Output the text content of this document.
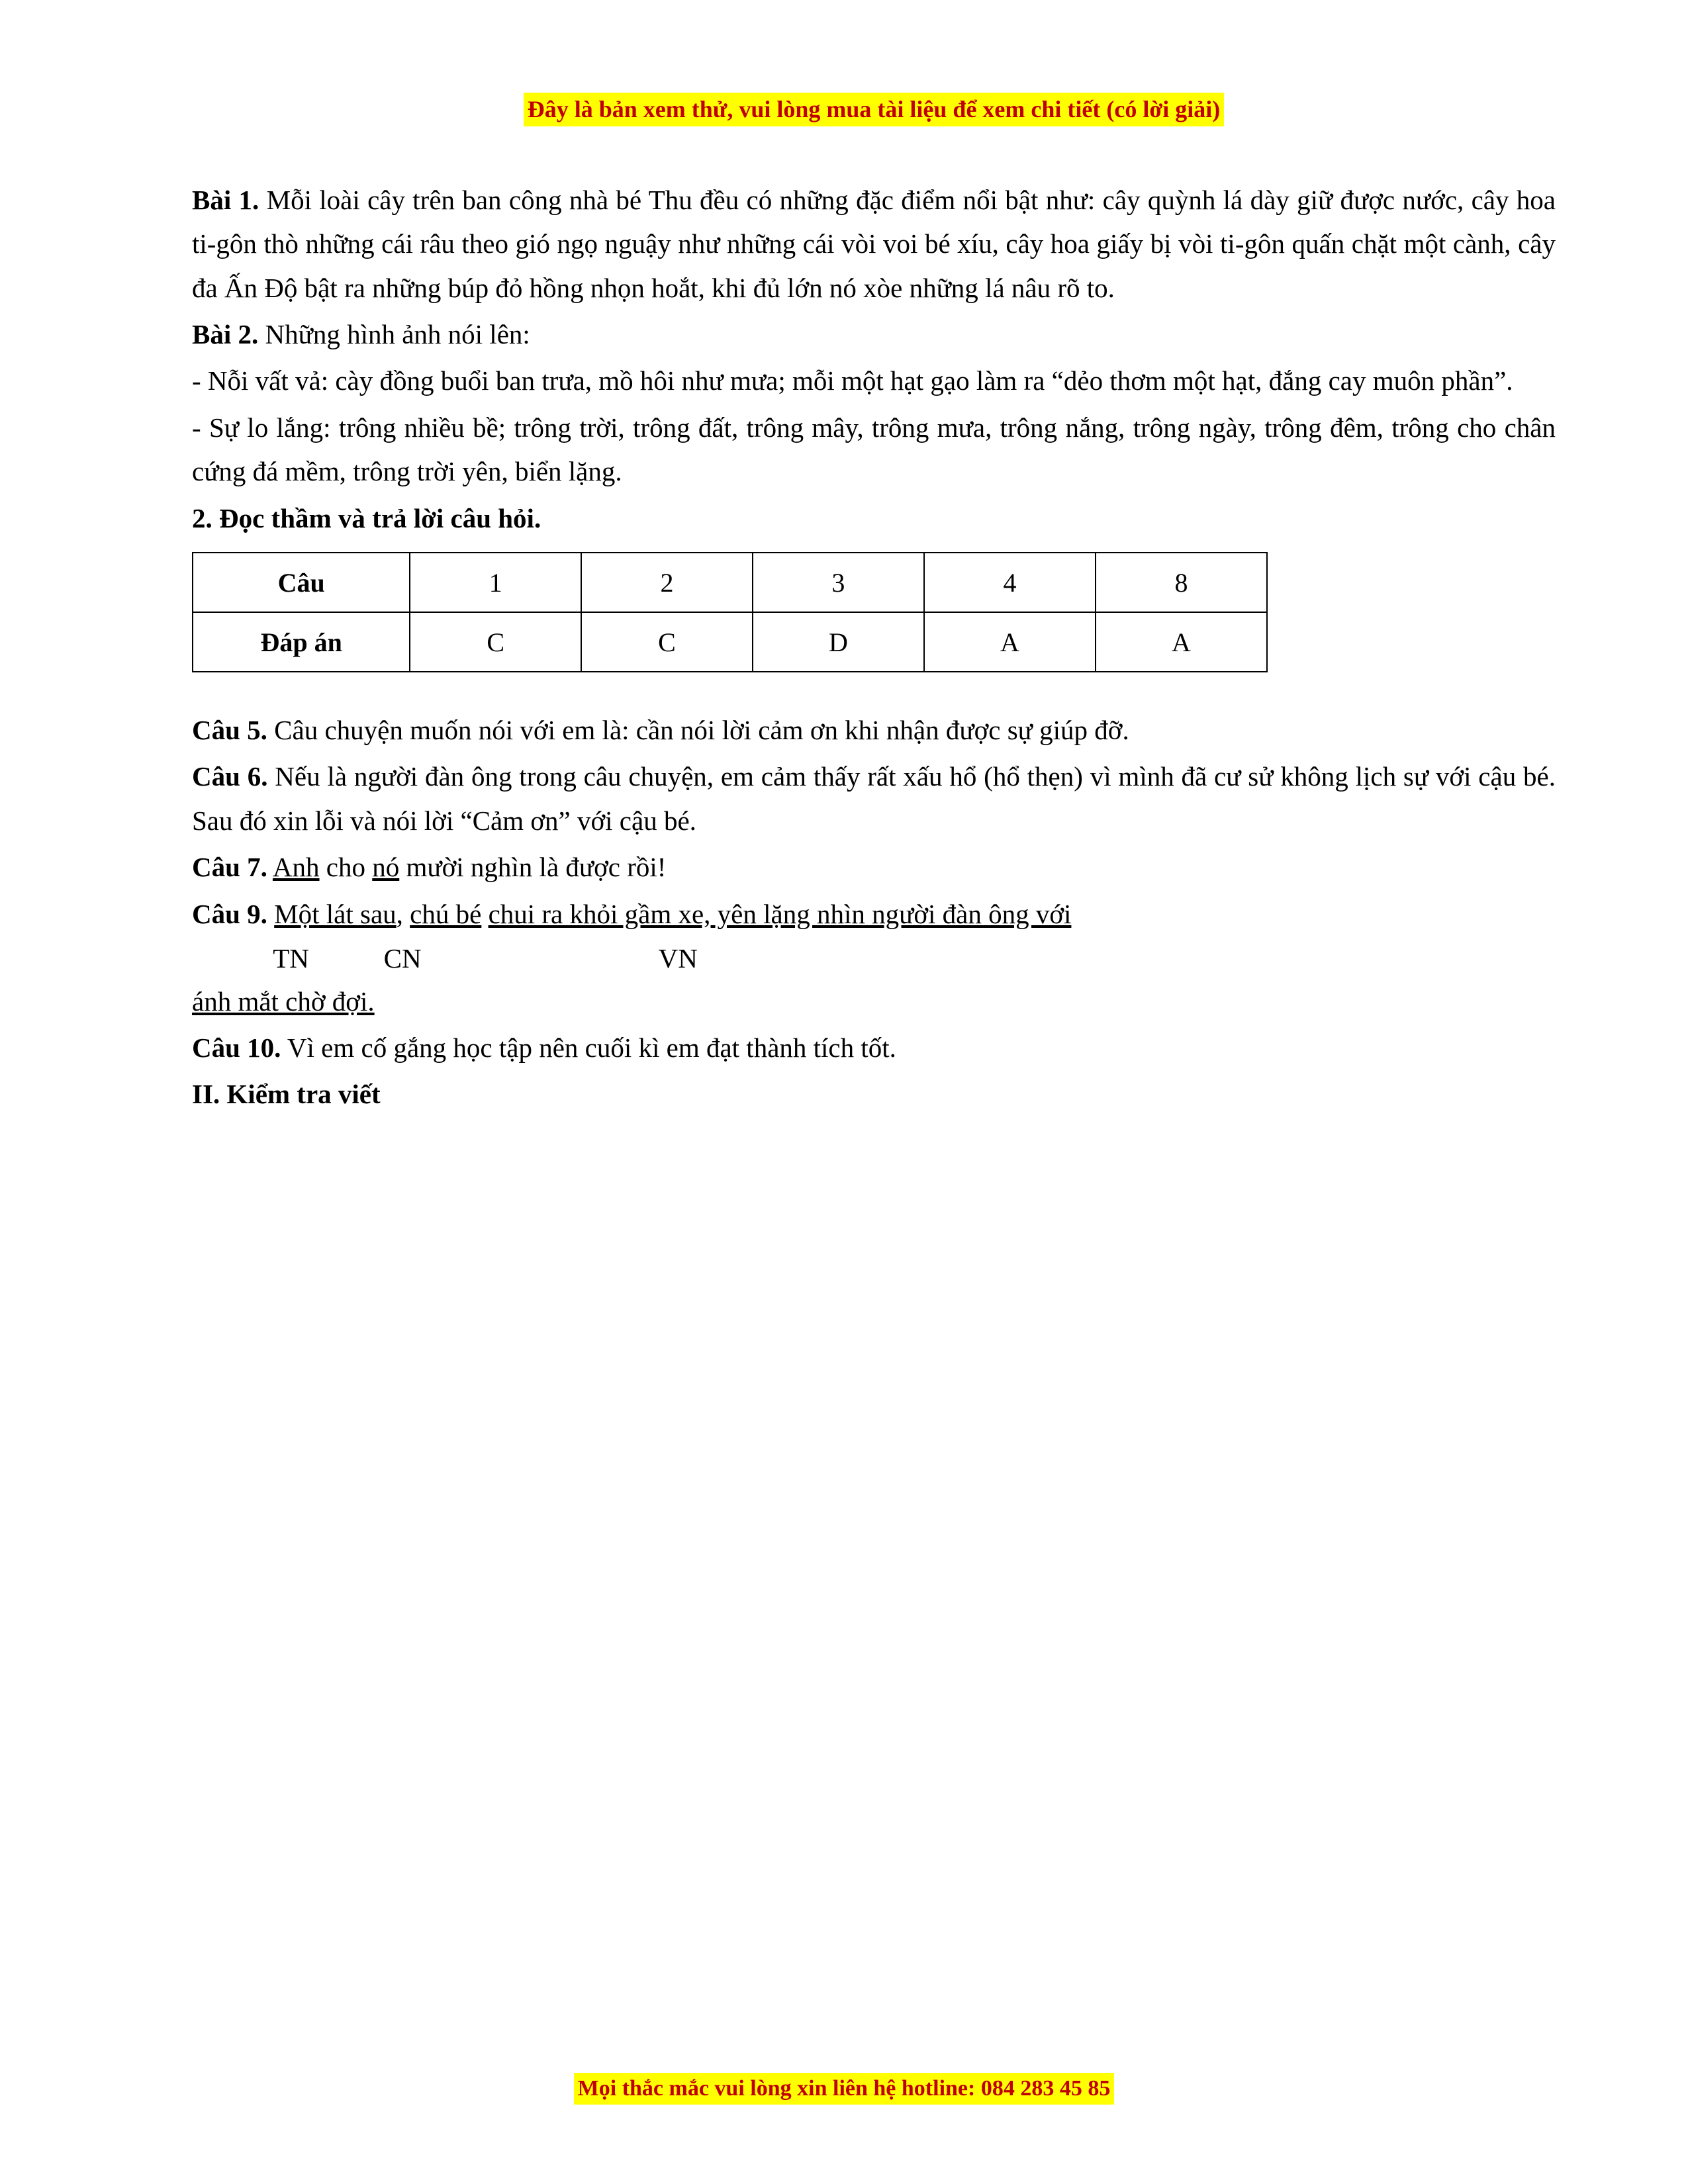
Đây là bản xem thử, vui lòng mua tài liệu để xem chi tiết (có lời giải)

Bài 1. Mỗi loài cây trên ban công nhà bé Thu đều có những đặc điểm nổi bật như: cây quỳnh lá dày giữ được nước, cây hoa ti-gôn thò những cái râu theo gió ngọ nguậy như những cái vòi voi bé xíu, cây hoa giấy bị vòi ti-gôn quấn chặt một cành, cây đa Ấn Độ bật ra những búp đỏ hồng nhọn hoắt, khi đủ lớn nó xòe những lá nâu rõ to.

Bài 2. Những hình ảnh nói lên:

- Nỗi vất vả: cày đồng buổi ban trưa, mồ hôi như mưa; mỗi một hạt gạo làm ra “dẻo thơm một hạt, đắng cay muôn phần”.

- Sự lo lắng: trông nhiều bề; trông trời, trông đất, trông mây, trông mưa, trông nắng, trông ngày, trông đêm, trông cho chân cứng đá mềm, trông trời yên, biển lặng.

2. Đọc thầm và trả lời câu hỏi.

Câu	1	2	3	4	8
Đáp án	C	C	D	A	A

Câu 5. Câu chuyện muốn nói với em là: cần nói lời cảm ơn khi nhận được sự giúp đỡ.

Câu 6. Nếu là người đàn ông trong câu chuyện, em cảm thấy rất xấu hổ (hổ thẹn) vì mình đã cư sử không lịch sự với cậu bé. Sau đó xin lỗi và nói lời “Cảm ơn” với cậu bé.

Câu 7. Anh cho nó mười nghìn là được rồi!

Câu 9. Một lát sau, chú bé chui ra khỏi gầm xe, yên lặng nhìn người đàn ông với

TN           CN                                   VN

ánh mắt chờ đợi.

Câu 10. Vì em cố gắng học tập nên cuối kì em đạt thành tích tốt.

II. Kiểm tra viết

Mọi thắc mắc vui lòng xin liên hệ hotline: 084 283 45 85
